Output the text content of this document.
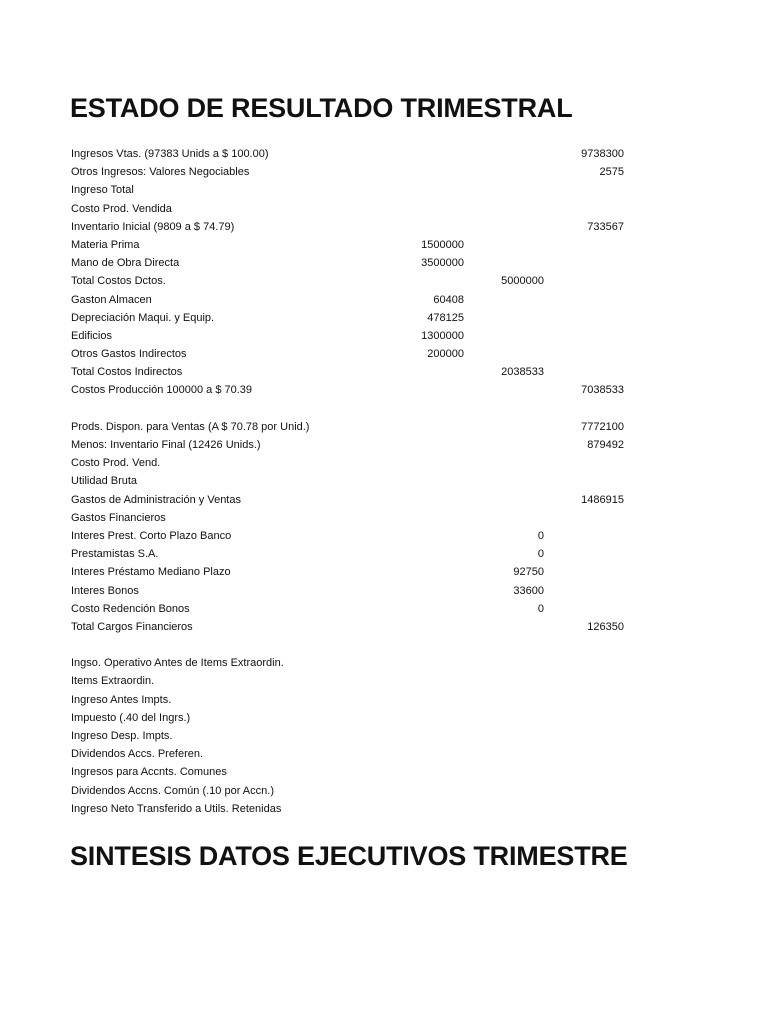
ESTADO DE RESULTADO TRIMESTRAL
Ingresos Vtas. (97383 Unids a $ 100.00)	9738300
Otros Ingresos: Valores Negociables	2575
Ingreso Total
Costo Prod. Vendida
Inventario Inicial (9809 a $ 74.79)	733567
Materia Prima	1500000
Mano de Obra Directa	3500000
Total Costos Dctos.	5000000
Gaston Almacen	60408
Depreciación Maqui. y Equip.	478125
Edificios	1300000
Otros Gastos Indirectos	200000
Total Costos Indirectos	2038533
Costos Producción 100000 a $ 70.39	7038533
Prods. Dispon. para Ventas (A $ 70.78 por Unid.)	7772100
Menos: Inventario Final (12426 Unids.)	879492
Costo Prod. Vend.
Utilidad Bruta
Gastos de Administración y Ventas	1486915
Gastos Financieros
Interes Prest. Corto Plazo Banco	0
Prestamistas S.A.	0
Interes Préstamo Mediano Plazo	92750
Interes Bonos	33600
Costo Redención Bonos	0
Total Cargos Financieros	126350
Ingso. Operativo Antes de Items Extraordin.
Items Extraordin.
Ingreso Antes Impts.
Impuesto (.40 del Ingrs.)
Ingreso Desp. Impts.
Dividendos Accs. Preferen.
Ingresos para Accnts. Comunes
Dividendos Accns. Común (.10 por Accn.)
Ingreso Neto Transferido a Utils. Retenidas
SINTESIS DATOS EJECUTIVOS TRIMESTRE
